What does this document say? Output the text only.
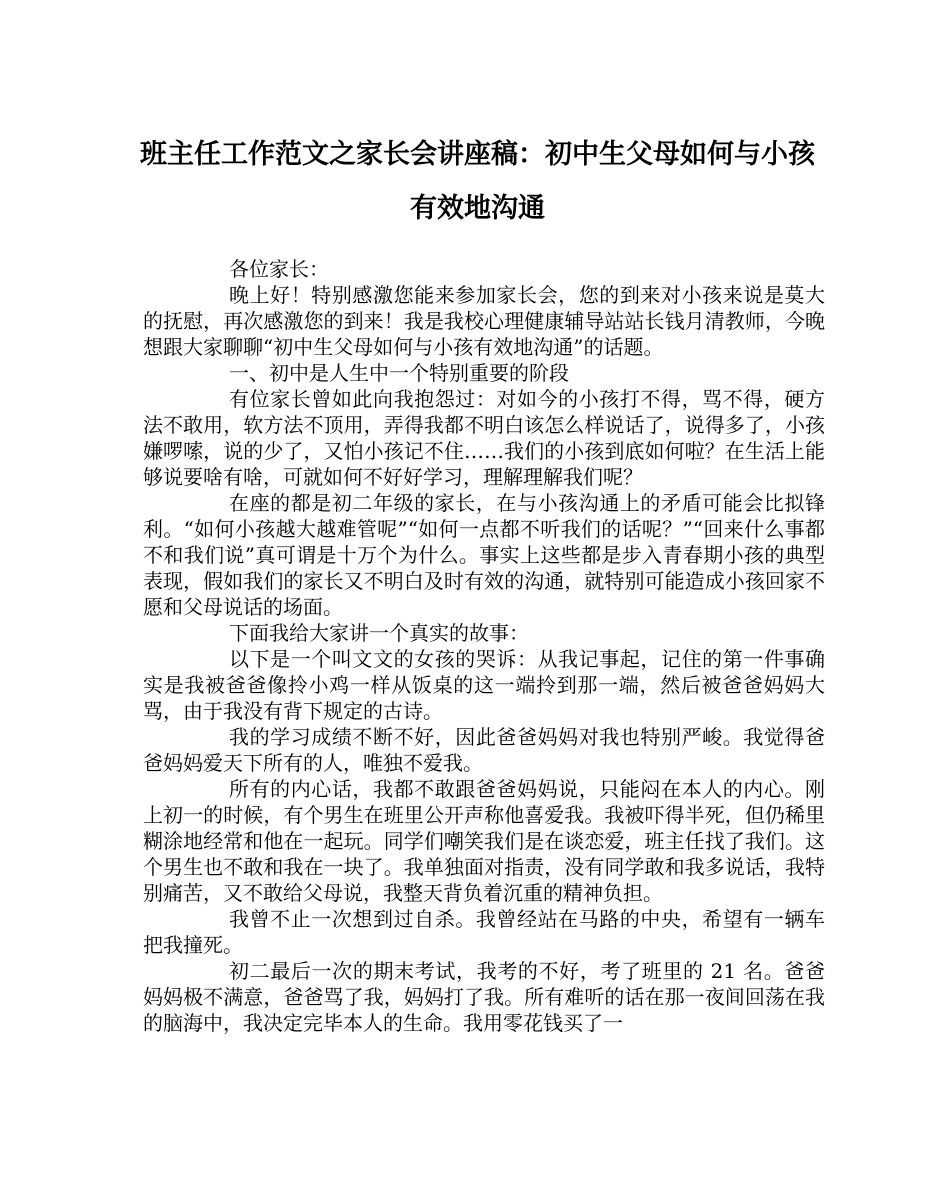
班主任工作范文之家长会讲座稿：初中生父母如何与小孩有效地沟通

各位家长：

晚上好！特别感激您能来参加家长会，您的到来对小孩来说是莫大的抚慰，再次感激您的到来！我是我校心理健康辅导站站长钱月清教师，今晚想跟大家聊聊“初中生父母如何与小孩有效地沟通”的话题。

一、初中是人生中一个特别重要的阶段

有位家长曾如此向我抱怨过：对如今的小孩打不得，骂不得，硬方法不敢用，软方法不顶用，弄得我都不明白该怎么样说话了，说得多了，小孩嫌啰嗦，说的少了，又怕小孩记不住……我们的小孩到底如何啦？在生活上能够说要啥有啥，可就如何不好好学习，理解理解我们呢？

在座的都是初二年级的家长，在与小孩沟通上的矛盾可能会比拟锋利。“如何小孩越大越难管呢”“如何一点都不听我们的话呢？”“回来什么事都不和我们说”真可谓是十万个为什么。事实上这些都是步入青春期小孩的典型表现，假如我们的家长又不明白及时有效的沟通，就特别可能造成小孩回家不愿和父母说话的场面。

下面我给大家讲一个真实的故事：

以下是一个叫文文的女孩的哭诉：从我记事起，记住的第一件事确实是我被爸爸像拎小鸡一样从饭桌的这一端拎到那一端，然后被爸爸妈妈大骂，由于我没有背下规定的古诗。

我的学习成绩不断不好，因此爸爸妈妈对我也特别严峻。我觉得爸爸妈妈爱天下所有的人，唯独不爱我。

所有的内心话，我都不敢跟爸爸妈妈说，只能闷在本人的内心。刚上初一的时候，有个男生在班里公开声称他喜爱我。我被吓得半死，但仍稀里糊涂地经常和他在一起玩。同学们嘲笑我们是在谈恋爱，班主任找了我们。这个男生也不敢和我在一块了。我单独面对指责，没有同学敢和我多说话，我特别痛苦，又不敢给父母说，我整天背负着沉重的精神负担。

我曾不止一次想到过自杀。我曾经站在马路的中央，希望有一辆车把我撞死。

初二最后一次的期末考试，我考的不好，考了班里的 21 名。爸爸妈妈极不满意，爸爸骂了我，妈妈打了我。所有难听的话在那一夜间回荡在我的脑海中，我决定完毕本人的生命。我用零花钱买了一
